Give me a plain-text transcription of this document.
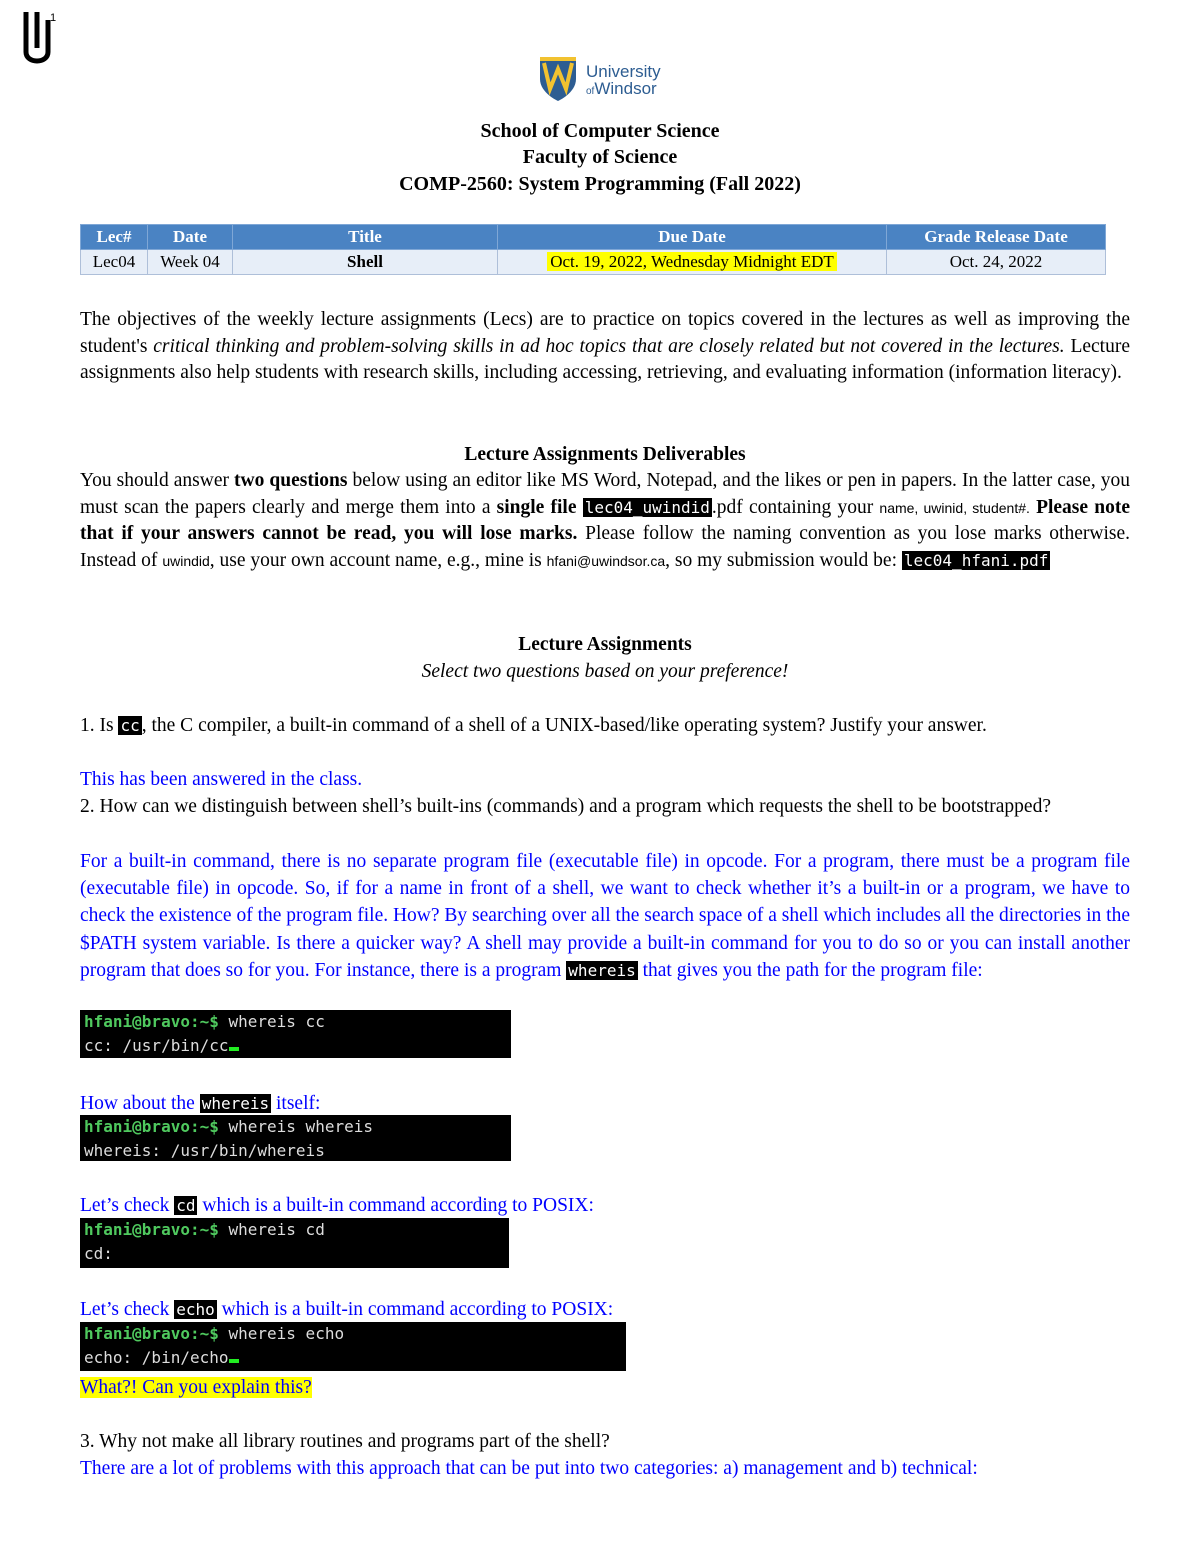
1
University
ofWindsor
School of Computer Science
Faculty of Science
COMP-2560: System Programming (Fall 2022)
Lec#	Date	Title	Due Date	Grade Release Date
Lec04	Week 04	Shell	Oct. 19, 2022, Wednesday Midnight EDT	Oct. 24, 2022
The objectives of the weekly lecture assignments (Lecs) are to practice on topics covered in the lectures as well as improving the student's critical thinking and problem-solving skills in ad hoc topics that are closely related but not covered in the lectures. Lecture assignments also help students with research skills, including accessing, retrieving, and evaluating information (information literacy).
Lecture Assignments Deliverables
You should answer two questions below using an editor like MS Word, Notepad, and the likes or pen in papers. In the latter case, you must scan the papers clearly and merge them into a single file lec04_uwindid .pdf containing your name, uwinid, student#. Please note that if your answers cannot be read, you will lose marks. Please follow the naming convention as you lose marks otherwise. Instead of uwindid, use your own account name, e.g., mine is hfani@uwindsor.ca, so my submission would be: lec04_hfani.pdf
Lecture Assignments
Select two questions based on your preference!
1. Is cc , the C compiler, a built-in command of a shell of a UNIX-based/like operating system? Justify your answer.
This has been answered in the class.
2. How can we distinguish between shell’s built-ins (commands) and a program which requests the shell to be bootstrapped?
For a built-in command, there is no separate program file (executable file) in opcode. For a program, there must be a program file (executable file) in opcode. So, if for a name in front of a shell, we want to check whether it’s a built-in or a program, we have to check the existence of the program file. How? By searching over all the search space of a shell which includes all the directories in the $PATH system variable. Is there a quicker way? A shell may provide a built-in command for you to do so or you can install another program that does so for you. For instance, there is a program whereis that gives you the path for the program file:
hfani@bravo:~$ whereis cc
cc: /usr/bin/cc
How about the whereis itself:
hfani@bravo:~$ whereis whereis
whereis: /usr/bin/whereis
Let’s check cd which is a built-in command according to POSIX:
hfani@bravo:~$ whereis cd
cd:
Let’s check echo which is a built-in command according to POSIX:
hfani@bravo:~$ whereis echo
echo: /bin/echo
What?! Can you explain this?
3. Why not make all library routines and programs part of the shell?
There are a lot of problems with this approach that can be put into two categories: a) management and b) technical:
